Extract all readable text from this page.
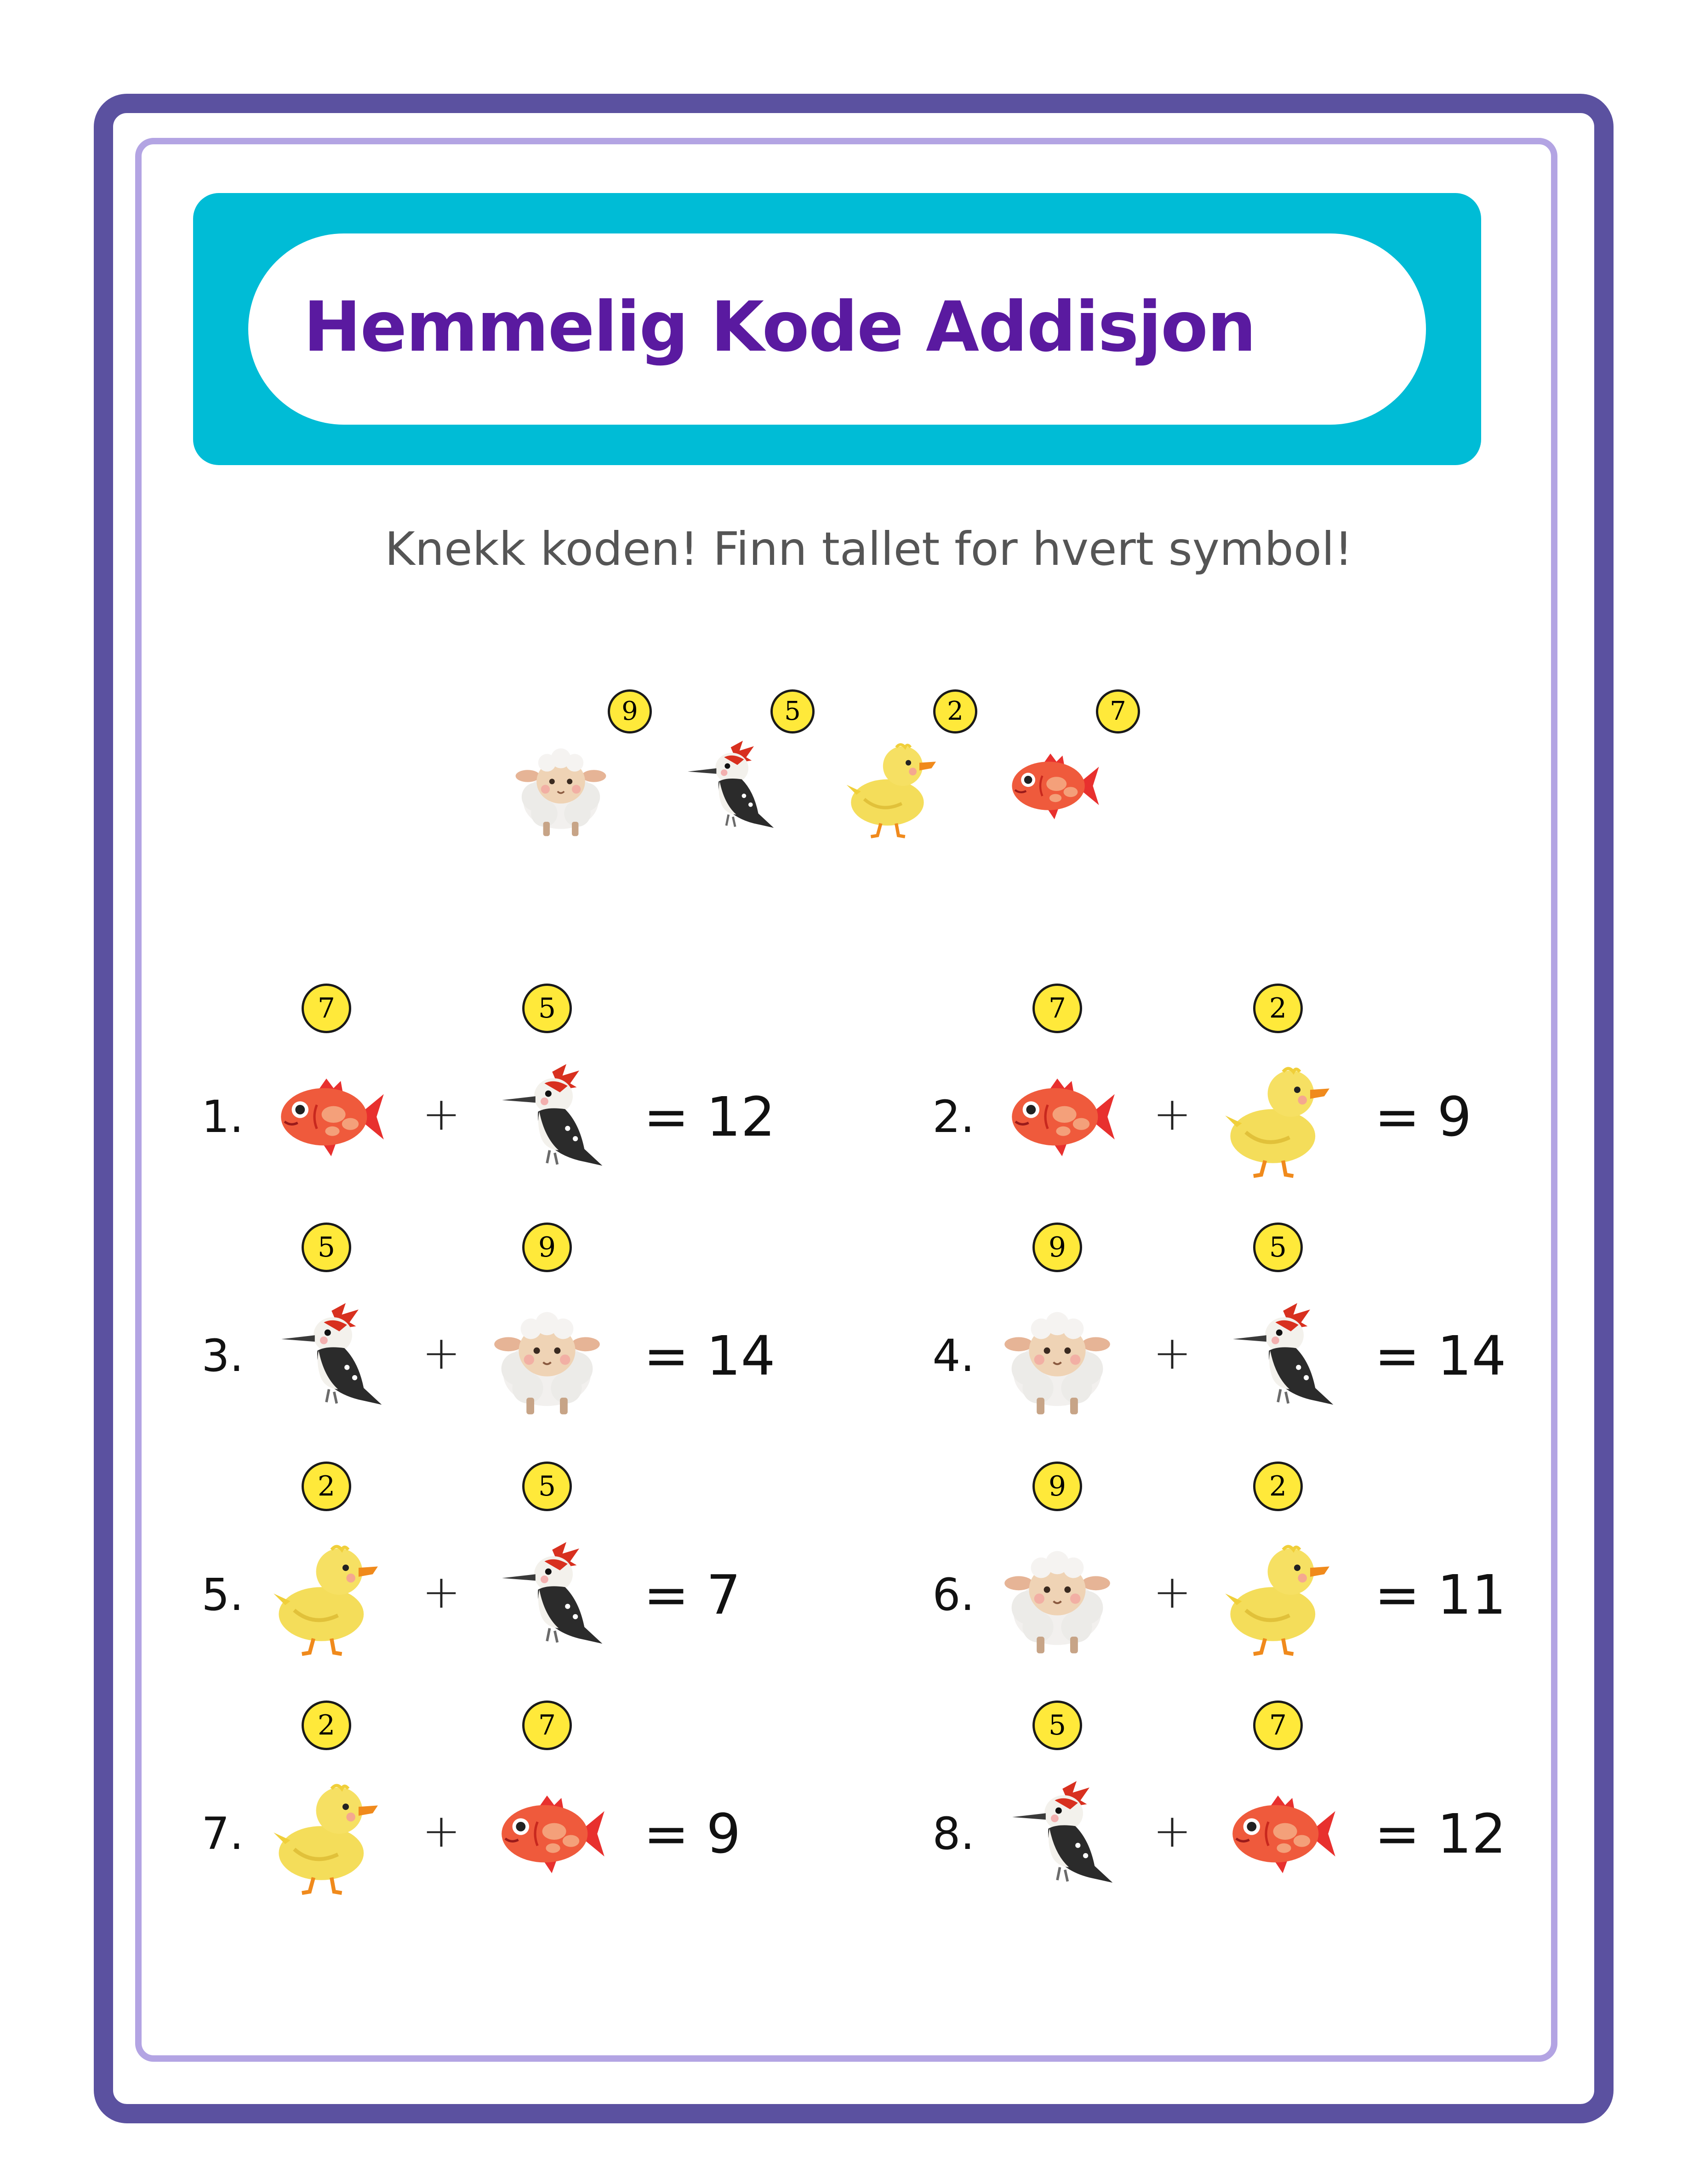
Hemmelig Kode Addisjon
Knekk koden! Finn tallet for hvert symbol!
9	5	2	7
1.
7
+
5
= 12	2.
7
+
2
= 9
3.
5
+
9
= 14	4.
9
+
5
= 14
5.
2
+
5
= 7	6.
9
+
2
= 11
7.
2
+
7
= 9	8.
5
+
7
= 12
